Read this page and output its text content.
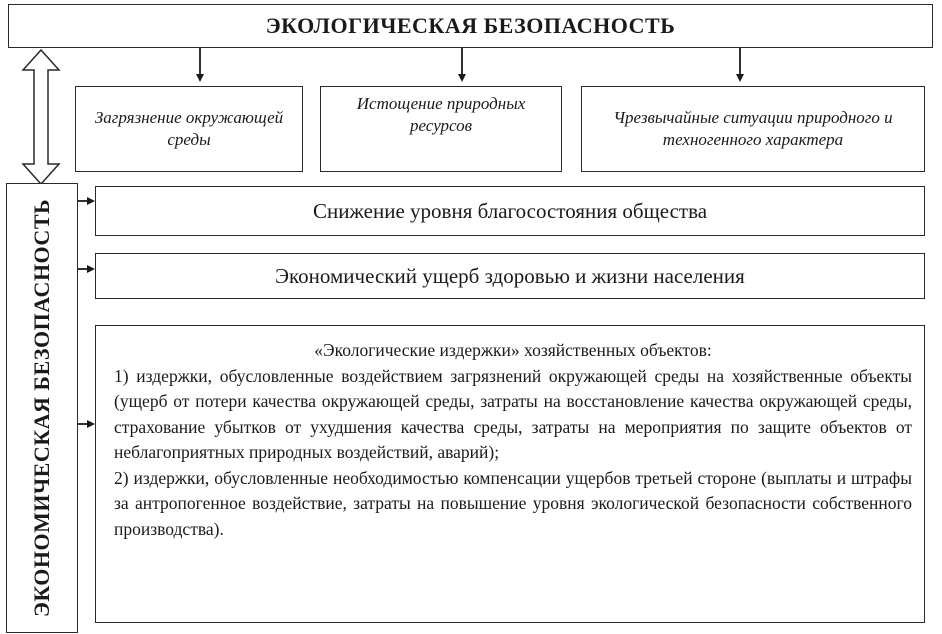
ЭКОЛОГИЧЕСКАЯ БЕЗОПАСНОСТЬ
Загрязнение окружающей среды
Истощение природных ресурсов	Чрезвычайные ситуации природного и техногенного характера
ЭКОНОМИЧЕСКАЯ БЕЗОПАСНОСТЬ	Снижение уровня благосостояния общества
Экономический ущерб здоровью и жизни населения
«Экологические издержки» хозяйственных объектов:
1) издержки, обусловленные воздействием загрязнений окружающей среды на хозяйственные объекты (ущерб от потери качества окружающей среды, затраты на восстановление качества окружающей среды, страхование убытков от ухудшения качества среды, затраты на мероприятия по защите объектов от неблагоприятных природных воздействий, аварий);
2) издержки, обусловленные необходимостью компенсации ущербов третьей стороне (выплаты и штрафы за антропогенное воздействие, затраты на повышение уровня экологической безопасности собственного производства).
